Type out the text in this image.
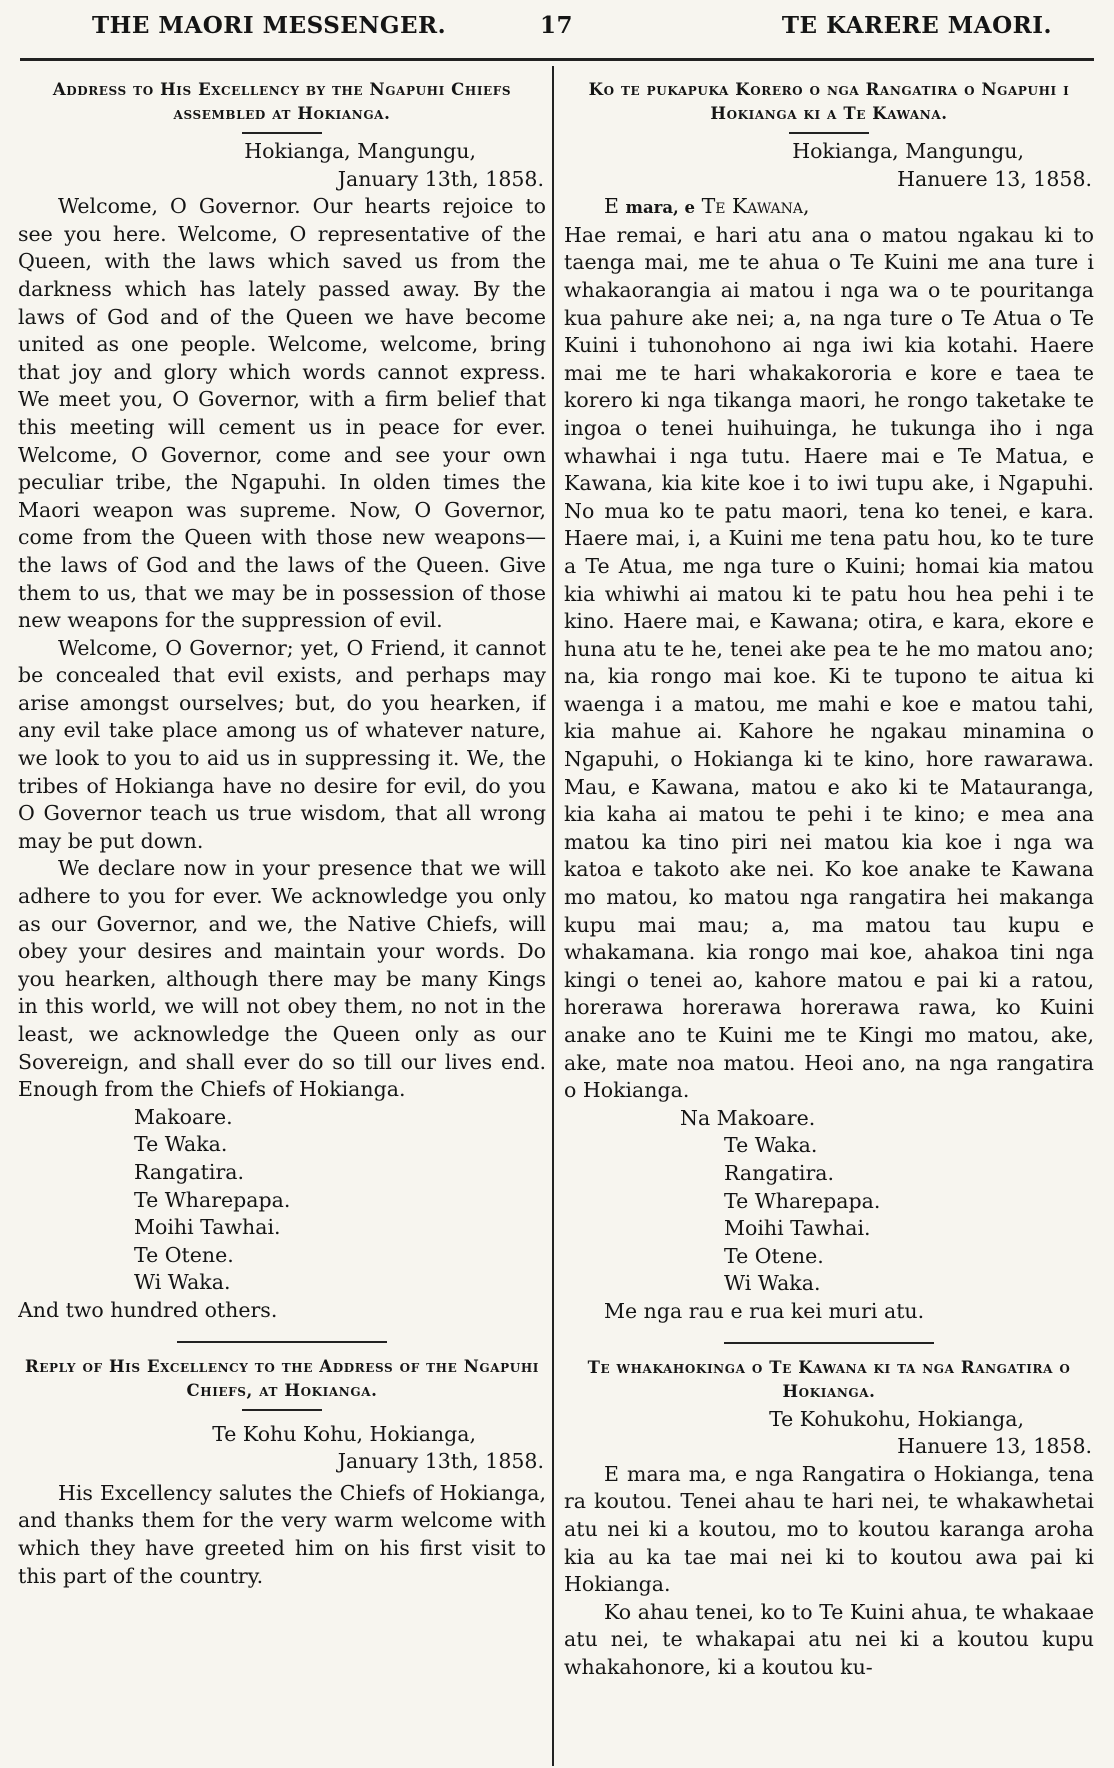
THE MAORI MESSENGER.	17	TE KARERE MAORI.
Address to His Excellency by the Ngapuhi Chiefs assembled at Hokianga.
Hokianga, Mangungu,
January 13th, 1858.

Welcome, O Governor. Our hearts rejoice to see you here. Welcome, O representative of the Queen, with the laws which saved us from the darkness which has lately passed away. By the laws of God and of the Queen we have become united as one people. Welcome, welcome, bring that joy and glory which words cannot express. We meet you, O Governor, with a firm belief that this meeting will cement us in peace for ever. Welcome, O Governor, come and see your own peculiar tribe, the Ngapuhi. In olden times the Maori weapon was supreme. Now, O Governor, come from the Queen with those new weapons—the laws of God and the laws of the Queen. Give them to us, that we may be in possession of those new weapons for the suppression of evil.

Welcome, O Governor; yet, O Friend, it cannot be concealed that evil exists, and perhaps may arise amongst ourselves; but, do you hearken, if any evil take place among us of whatever nature, we look to you to aid us in suppressing it. We, the tribes of Hokianga have no desire for evil, do you O Governor teach us true wisdom, that all wrong may be put down.

We declare now in your presence that we will adhere to you for ever. We acknowledge you only as our Governor, and we, the Native Chiefs, will obey your desires and maintain your words. Do you hearken, although there may be many Kings in this world, we will not obey them, no not in the least, we acknowledge the Queen only as our Sovereign, and shall ever do so till our lives end. Enough from the Chiefs of Hokianga.

Makoare.
Te Waka.
Rangatira.
Te Wharepapa.
Moihi Tawhai.
Te Otene.
Wi Waka.

And two hundred others.

Reply of His Excellency to the Address of the Ngapuhi Chiefs, at Hokianga.
Te Kohu Kohu, Hokianga,
January 13th, 1858.

His Excellency salutes the Chiefs of Hokianga, and thanks them for the very warm welcome with which they have greeted him on his first visit to this part of the country.

Ko te pukapuka Korero o nga Rangatira o Ngapuhi i Hokianga ki a Te Kawana.
Hokianga, Mangungu,
Hanuere 13, 1858.
E mara, e Te Kawana,

Hae remai, e hari atu ana o matou ngakau ki to taenga mai, me te ahua o Te Kuini me ana ture i whakaorangia ai matou i nga wa o te pouritanga kua pahure ake nei; a, na nga ture o Te Atua o Te Kuini i tuhonohono ai nga iwi kia kotahi. Haere mai me te hari whakakororia e kore e taea te korero ki nga tikanga maori, he rongo taketake te ingoa o tenei huihuinga, he tukunga iho i nga whawhai i nga tutu. Haere mai e Te Matua, e Kawana, kia kite koe i to iwi tupu ake, i Ngapuhi. No mua ko te patu maori, tena ko tenei, e kara. Haere mai, i, a Kuini me tena patu hou, ko te ture a Te Atua, me nga ture o Kuini; homai kia matou kia whiwhi ai matou ki te patu hou hea pehi i te kino. Haere mai, e Kawana; otira, e kara, ekore e huna atu te he, tenei ake pea te he mo matou ano; na, kia rongo mai koe. Ki te tupono te aitua ki waenga i a matou, me mahi e koe e matou tahi, kia mahue ai. Kahore he ngakau minamina o Ngapuhi, o Hokianga ki te kino, hore rawarawa. Mau, e Kawana, matou e ako ki te Matauranga, kia kaha ai matou te pehi i te kino; e mea ana matou ka tino piri nei matou kia koe i nga wa katoa e takoto ake nei. Ko koe anake te Kawana mo matou, ko matou nga rangatira hei makanga kupu mai mau; a, ma matou tau kupu e whakamana. kia rongo mai koe, ahakoa tini nga kingi o tenei ao, kahore matou e pai ki a ratou, horerawa horerawa horerawa rawa, ko Kuini anake ano te Kuini me te Kingi mo matou, ake, ake, mate noa matou. Heoi ano, na nga rangatira o Hokianga.

Na Makoare.
Te Waka.
Rangatira.
Te Wharepapa.
Moihi Tawhai.
Te Otene.
Wi Waka.

Me nga rau e rua kei muri atu.

Te whakahokinga o Te Kawana ki ta nga Rangatira o Hokianga.
Te Kohukohu, Hokianga,
Hanuere 13, 1858.

E mara ma, e nga Rangatira o Hokianga, tena ra koutou. Tenei ahau te hari nei, te whakawhetai atu nei ki a koutou, mo to koutou karanga aroha kia au ka tae mai nei ki to koutou awa pai ki Hokianga.

Ko ahau tenei, ko to Te Kuini ahua, te whakaae atu nei, te whakapai atu nei ki a koutou kupu whakahonore, ki a koutou ku-
